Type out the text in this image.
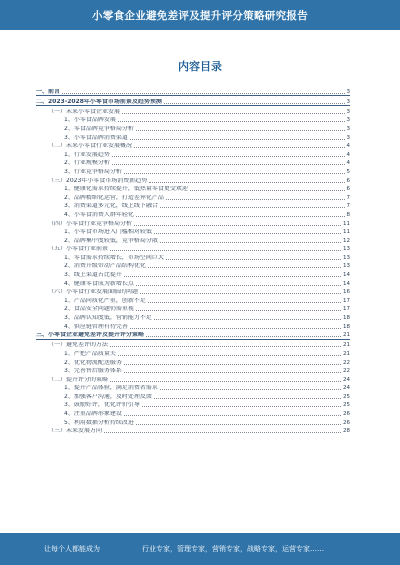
小零食企业避免差评及提升评分策略研究报告
内容目录
一、前言	3
二、2023-2028年小零食市场前景及趋势预测	3
（一）未来小零食企业发展	3
1、小零食品牌发展	3
2、零食品牌竞争格局分析	3
3、小零食品牌消费渠道	3
（二）未来小零食行业发展概况	4
1、行业发展趋势	4
2、行业规模分析	4
3、行业竞争格局分析	5
（三）2023年小零食市场消费新趋势	6
1、健康化需求持续提升，低热量零食更受欢迎	6
2、品牌精细化运营，打造差异化产品	7
3、消费渠道多元化，线上线下融合	7
4、小零食消费人群年轻化	8
（四）小零食行业竞争格局分析	11
1、小零食市场进入门槛相对较低	11
2、品牌集中度较低，竞争格局分散	12
（五）小零食行业前景	13
1、零食需求持续增长，市场空间巨大	13
2、消费升级带动产品结构优化	13
3、线上渠道占比提升	14
4、健康零食成为新增长点	14
（六）小零食行业发展面临的问题	16
1、产品同质化严重，创新不足	17
2、食品安全问题仍需重视	17
3、品牌认知度低，营销能力不足	18
4、供应链管理有待完善	18
三、小零食企业避免差评及提升评分策略	21
（一）避免差评的方法	21
1、严把产品质量关	21
2、优化物流配送服务	22
3、完善售后服务体系	22
（二）提升评分的策略	24
1、提升产品体验，满足消费者需求	24
2、加强客户沟通，及时处理反馈	25
3、鼓励好评，优化评价引导	25
4、注重品牌形象建设	26
5、利用数据分析持续改进	26
（三）未来发展方向	28
让每个人都能成为	行业专家，管理专家，营销专家，战略专家，运营专家……
